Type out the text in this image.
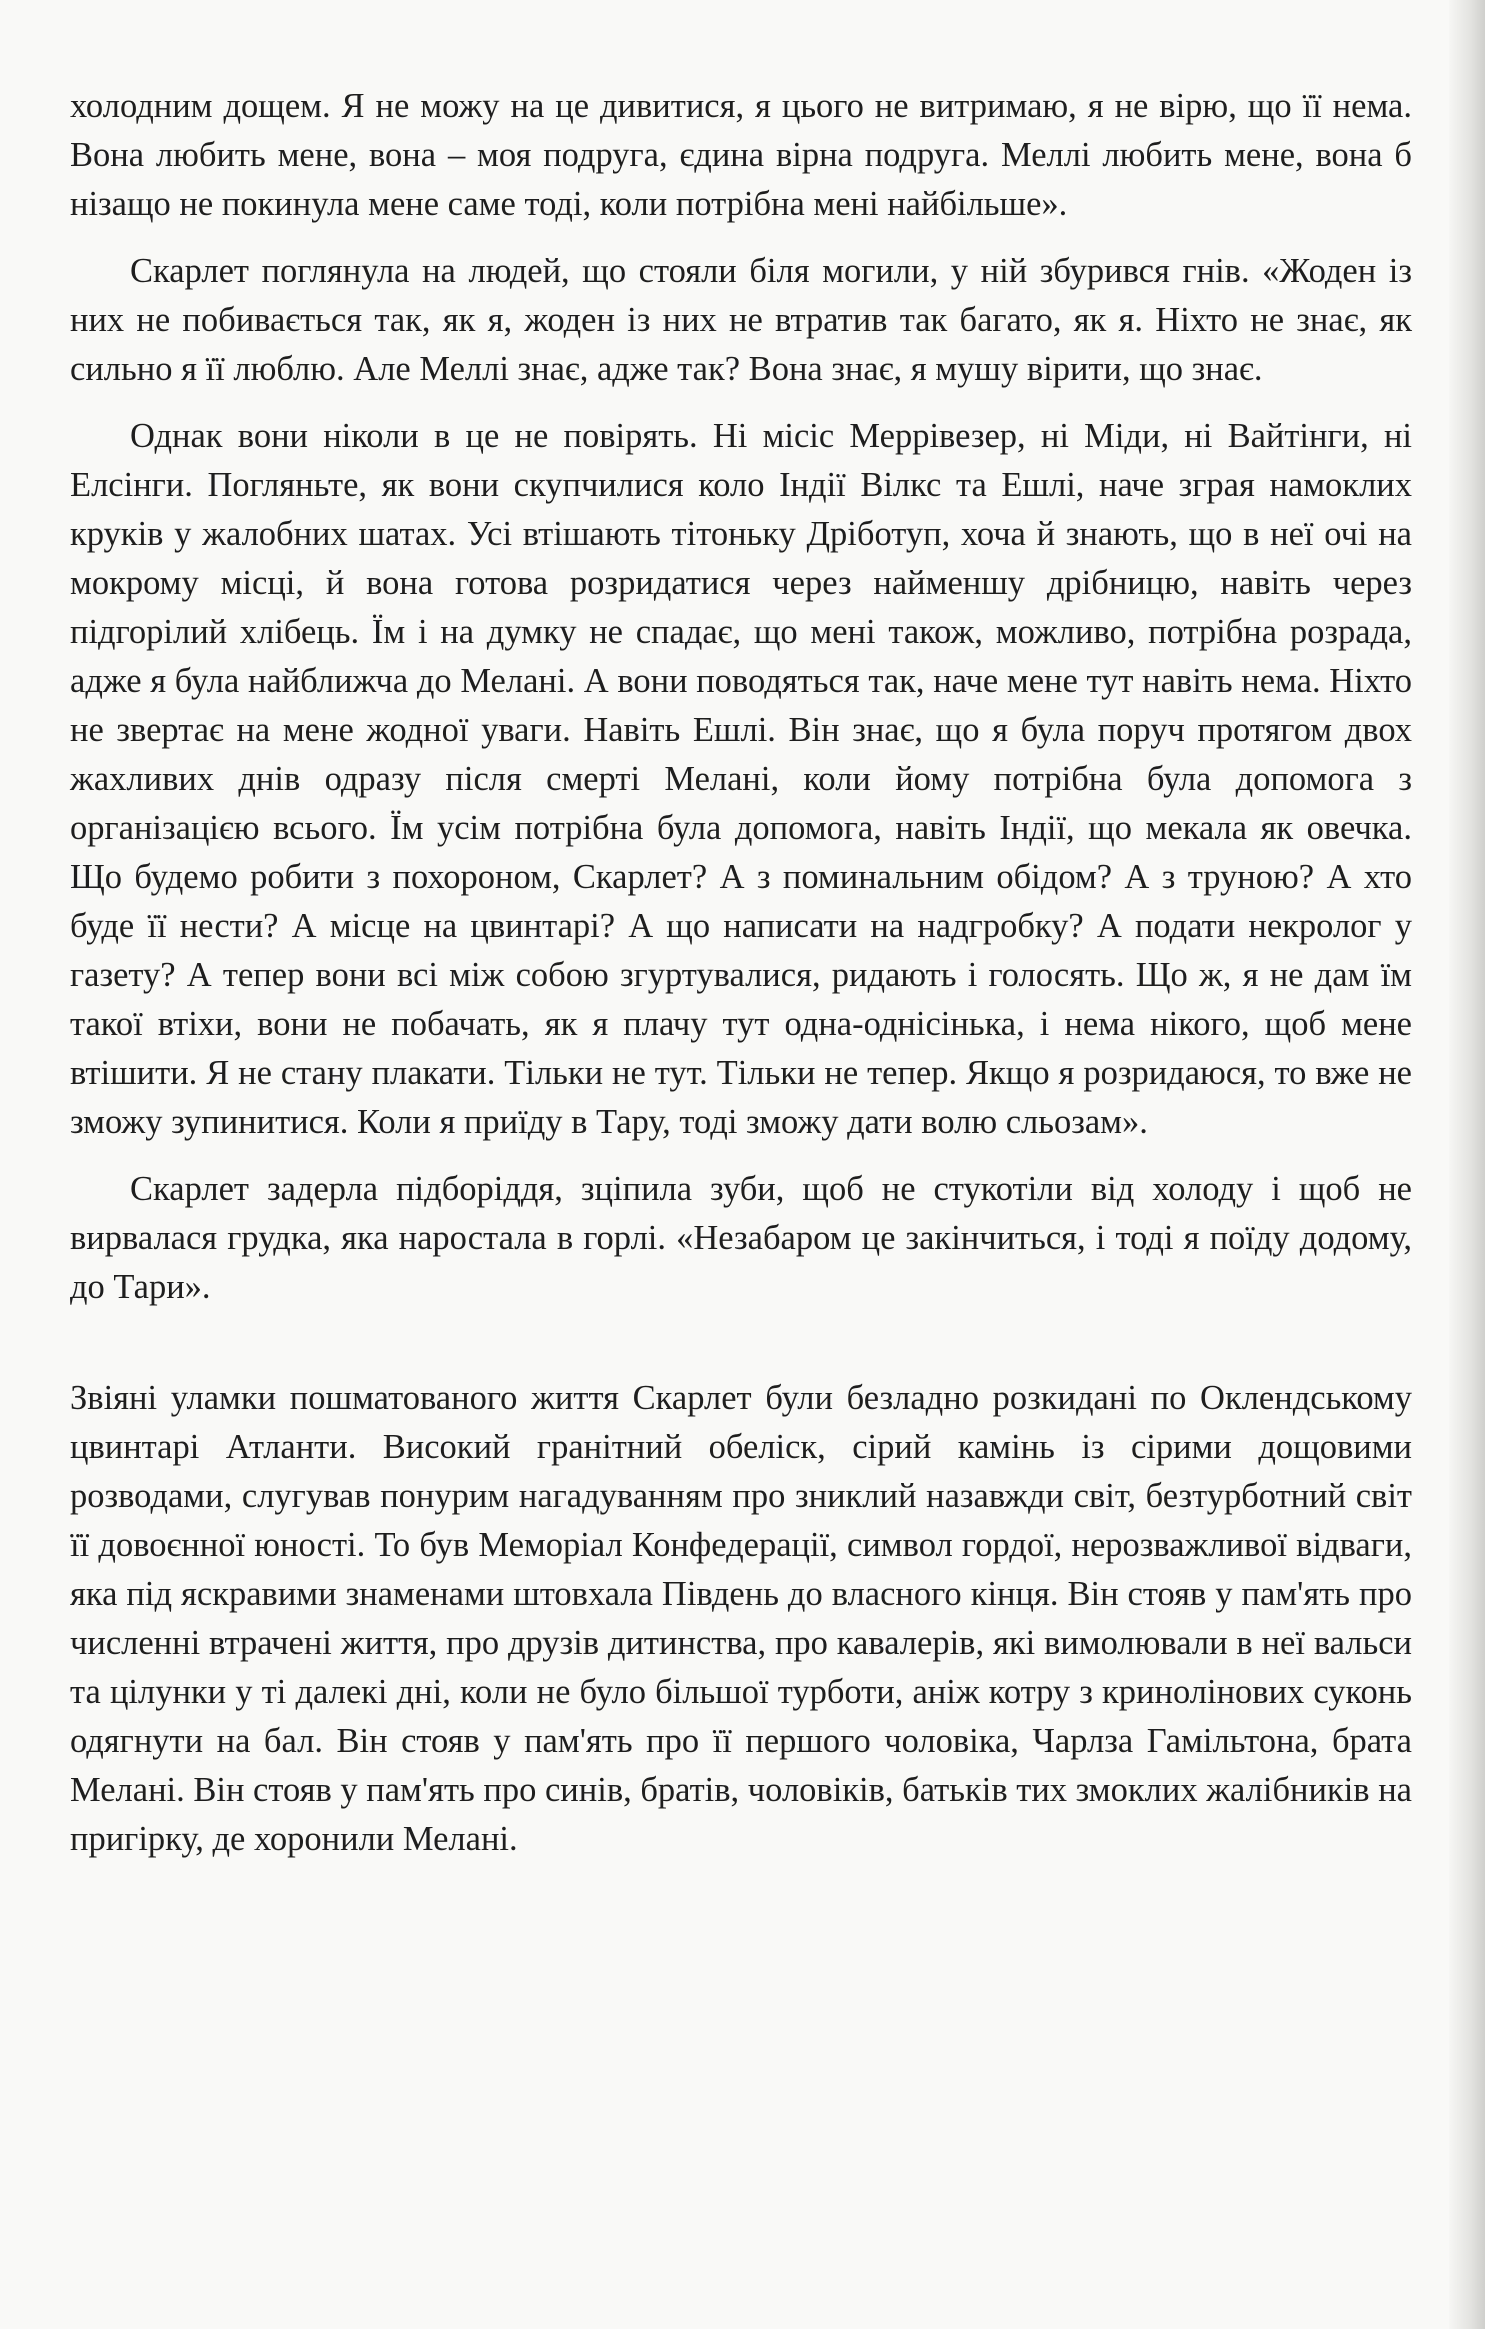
холодним дощем. Я не можу на це дивитися, я цього не витримаю, я не вірю, що її нема. Вона любить мене, вона – моя подруга, єдина вірна подруга. Меллі любить мене, вона б нізащо не покинула мене саме тоді, коли потрібна мені найбільше».

Скарлет поглянула на людей, що стояли біля могили, у ній збурився гнів. «Жоден із них не побивається так, як я, жоден із них не втратив так багато, як я. Ніхто не знає, як сильно я її люблю. Але Меллі знає, адже так? Вона знає, я мушу вірити, що знає.

Однак вони ніколи в це не повірять. Ні місіс Меррівезер, ні Міди, ні Вайтінги, ні Елсінги. Погляньте, як вони скупчилися коло Індії Вілкс та Ешлі, наче зграя намоклих круків у жалобних шатах. Усі втішають тітоньку Дріботуп, хоча й знають, що в неї очі на мокрому місці, й вона готова розридатися через найменшу дрібницю, навіть через підгорілий хлібець. Їм і на думку не спадає, що мені також, можливо, потрібна розрада, адже я була найближча до Мелані. А вони поводяться так, наче мене тут навіть нема. Ніхто не звертає на мене жодної уваги. Навіть Ешлі. Він знає, що я була поруч протягом двох жахливих днів одразу після смерті Мелані, коли йому потрібна була допомога з організацією всього. Їм усім потрібна була допомога, навіть Індії, що мекала як овечка. Що будемо робити з похороном, Скарлет? А з поминальним обідом? А з труною? А хто буде її нести? А місце на цвинтарі? А що написати на надгробку? А подати некролог у газету? А тепер вони всі між собою згуртувалися, ридають і голосять. Що ж, я не дам їм такої втіхи, вони не побачать, як я плачу тут одна-однісінька, і нема нікого, щоб мене втішити. Я не стану плакати. Тільки не тут. Тільки не тепер. Якщо я розридаюся, то вже не зможу зупинитися. Коли я приїду в Тару, тоді зможу дати волю сльозам».

Скарлет задерла підборіддя, зціпила зуби, щоб не стукотіли від холоду і щоб не вирвалася грудка, яка наростала в горлі. «Незабаром це закінчиться, і тоді я поїду додому, до Тари».

Звіяні уламки пошматованого життя Скарлет були безладно розкидані по Оклендському цвинтарі Атланти. Високий гранітний обеліск, сірий камінь із сірими дощовими розводами, слугував понурим нагадуванням про зниклий назавжди світ, безтурботний світ її довоєнної юності. То був Меморіал Конфедерації, символ гордої, нерозважливої відваги, яка під яскравими знаменами штовхала Південь до власного кінця. Він стояв у пам'ять про численні втрачені життя, про друзів дитинства, про кавалерів, які вимолювали в неї вальси та цілунки у ті далекі дні, коли не було більшої турботи, аніж котру з кринолінових суконь одягнути на бал. Він стояв у пам'ять про її першого чоловіка, Чарлза Гамільтона, брата Мелані. Він стояв у пам'ять про синів, братів, чоловіків, батьків тих змоклих жалібників на пригірку, де хоронили Мелані.
